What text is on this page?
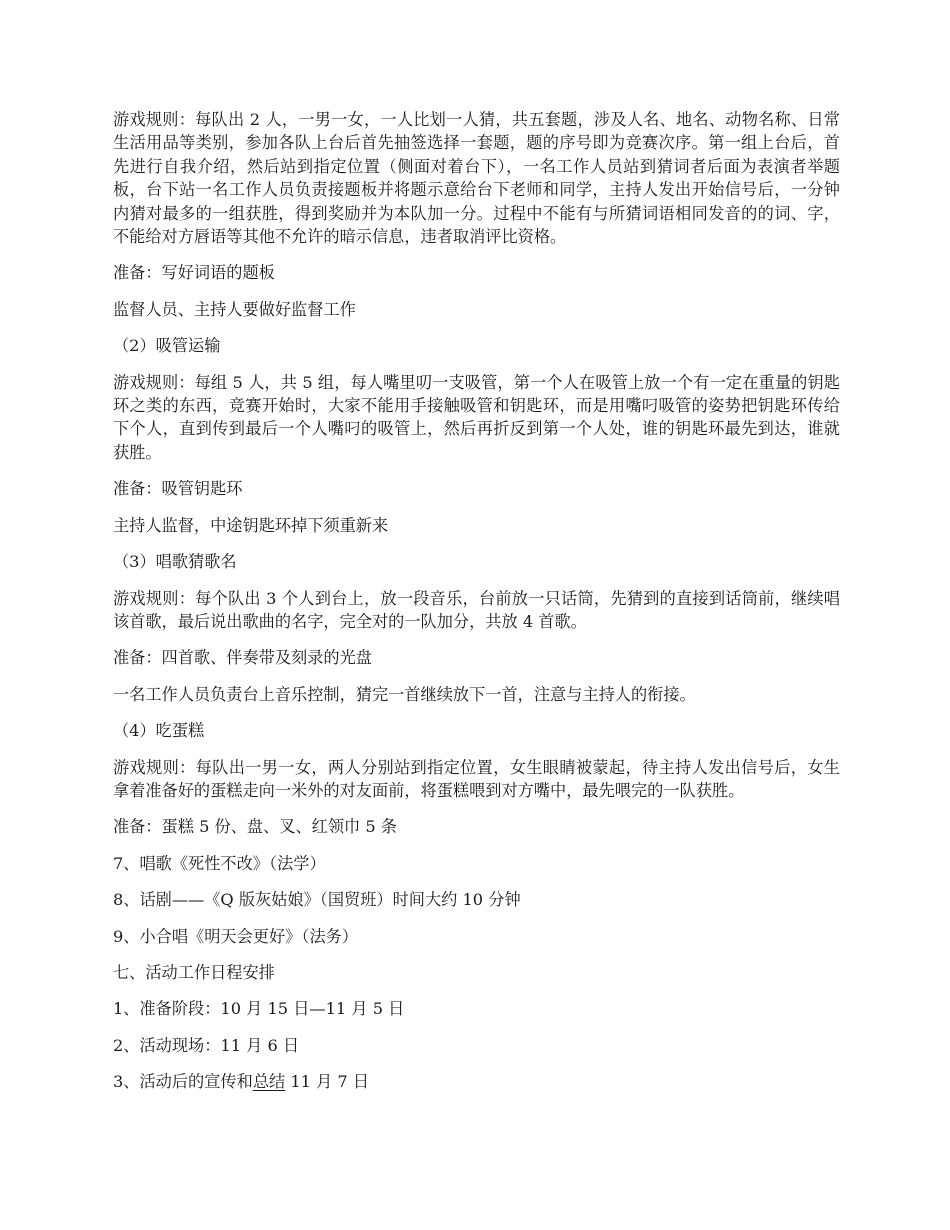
游戏规则：每队出 2 人，一男一女，一人比划一人猜，共五套题，涉及人名、地名、动物名称、日常生活用品等类别，参加各队上台后首先抽签选择一套题，题的序号即为竞赛次序。第一组上台后，首先进行自我介绍，然后站到指定位置（侧面对着台下），一名工作人员站到猜词者后面为表演者举题板，台下站一名工作人员负责接题板并将题示意给台下老师和同学，主持人发出开始信号后，一分钟内猜对最多的一组获胜，得到奖励并为本队加一分。过程中不能有与所猜词语相同发音的的词、字，不能给对方唇语等其他不允许的暗示信息，违者取消评比资格。

准备：写好词语的题板

监督人员、主持人要做好监督工作

（2）吸管运输

游戏规则：每组 5 人，共 5 组，每人嘴里叨一支吸管，第一个人在吸管上放一个有一定在重量的钥匙环之类的东西，竞赛开始时，大家不能用手接触吸管和钥匙环，而是用嘴叼吸管的姿势把钥匙环传给下个人，直到传到最后一个人嘴叼的吸管上，然后再折反到第一个人处，谁的钥匙环最先到达，谁就获胜。

准备：吸管钥匙环

主持人监督，中途钥匙环掉下须重新来

（3）唱歌猜歌名

游戏规则：每个队出 3 个人到台上，放一段音乐，台前放一只话筒，先猜到的直接到话筒前，继续唱该首歌，最后说出歌曲的名字，完全对的一队加分，共放 4 首歌。

准备：四首歌、伴奏带及刻录的光盘

一名工作人员负责台上音乐控制，猜完一首继续放下一首，注意与主持人的衔接。

（4）吃蛋糕

游戏规则：每队出一男一女，两人分别站到指定位置，女生眼睛被蒙起，待主持人发出信号后，女生拿着准备好的蛋糕走向一米外的对友面前，将蛋糕喂到对方嘴中，最先喂完的一队获胜。

准备：蛋糕 5 份、盘、叉、红领巾 5 条

7、唱歌《死性不改》（法学）

8、话剧——《Q 版灰姑娘》（国贸班）时间大约 10 分钟

9、小合唱《明天会更好》（法务）

七、活动工作日程安排

1、准备阶段：10 月 15 日—11 月 5 日

2、活动现场：11 月 6 日

3、活动后的宣传和总结 11 月 7 日
